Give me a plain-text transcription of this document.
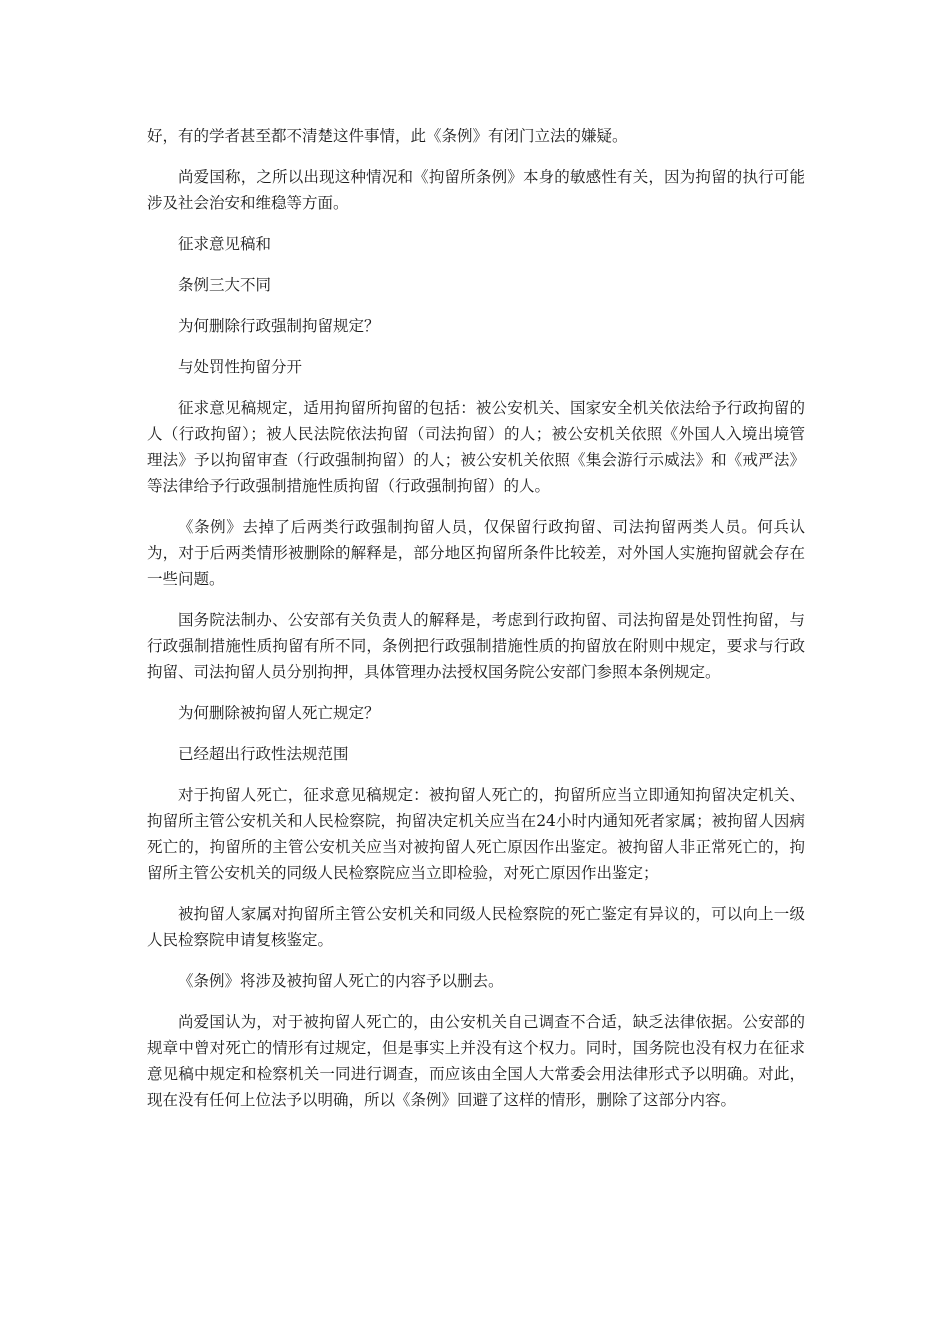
好，有的学者甚至都不清楚这件事情，此《条例》有闭门立法的嫌疑。

尚爱国称，之所以出现这种情况和《拘留所条例》本身的敏感性有关，因为拘留的执行可能涉及社会治安和维稳等方面。

征求意见稿和

条例三大不同

为何删除行政强制拘留规定？

与处罚性拘留分开

征求意见稿规定，适用拘留所拘留的包括：被公安机关、国家安全机关依法给予行政拘留的人（行政拘留）；被人民法院依法拘留（司法拘留）的人；被公安机关依照《外国人入境出境管理法》予以拘留审查（行政强制拘留）的人；被公安机关依照《集会游行示威法》和《戒严法》等法律给予行政强制措施性质拘留（行政强制拘留）的人。

《条例》去掉了后两类行政强制拘留人员，仅保留行政拘留、司法拘留两类人员。何兵认为，对于后两类情形被删除的解释是，部分地区拘留所条件比较差，对外国人实施拘留就会存在一些问题。

国务院法制办、公安部有关负责人的解释是，考虑到行政拘留、司法拘留是处罚性拘留，与行政强制措施性质拘留有所不同，条例把行政强制措施性质的拘留放在附则中规定，要求与行政拘留、司法拘留人员分别拘押，具体管理办法授权国务院公安部门参照本条例规定。

为何删除被拘留人死亡规定？

已经超出行政性法规范围

对于拘留人死亡，征求意见稿规定：被拘留人死亡的，拘留所应当立即通知拘留决定机关、拘留所主管公安机关和人民检察院，拘留决定机关应当在24小时内通知死者家属；被拘留人因病死亡的，拘留所的主管公安机关应当对被拘留人死亡原因作出鉴定。被拘留人非正常死亡的，拘留所主管公安机关的同级人民检察院应当立即检验，对死亡原因作出鉴定；

被拘留人家属对拘留所主管公安机关和同级人民检察院的死亡鉴定有异议的，可以向上一级人民检察院申请复核鉴定。

《条例》将涉及被拘留人死亡的内容予以删去。

尚爱国认为，对于被拘留人死亡的，由公安机关自己调查不合适，缺乏法律依据。公安部的规章中曾对死亡的情形有过规定，但是事实上并没有这个权力。同时，国务院也没有权力在征求意见稿中规定和检察机关一同进行调查，而应该由全国人大常委会用法律形式予以明确。对此，现在没有任何上位法予以明确，所以《条例》回避了这样的情形，删除了这部分内容。
